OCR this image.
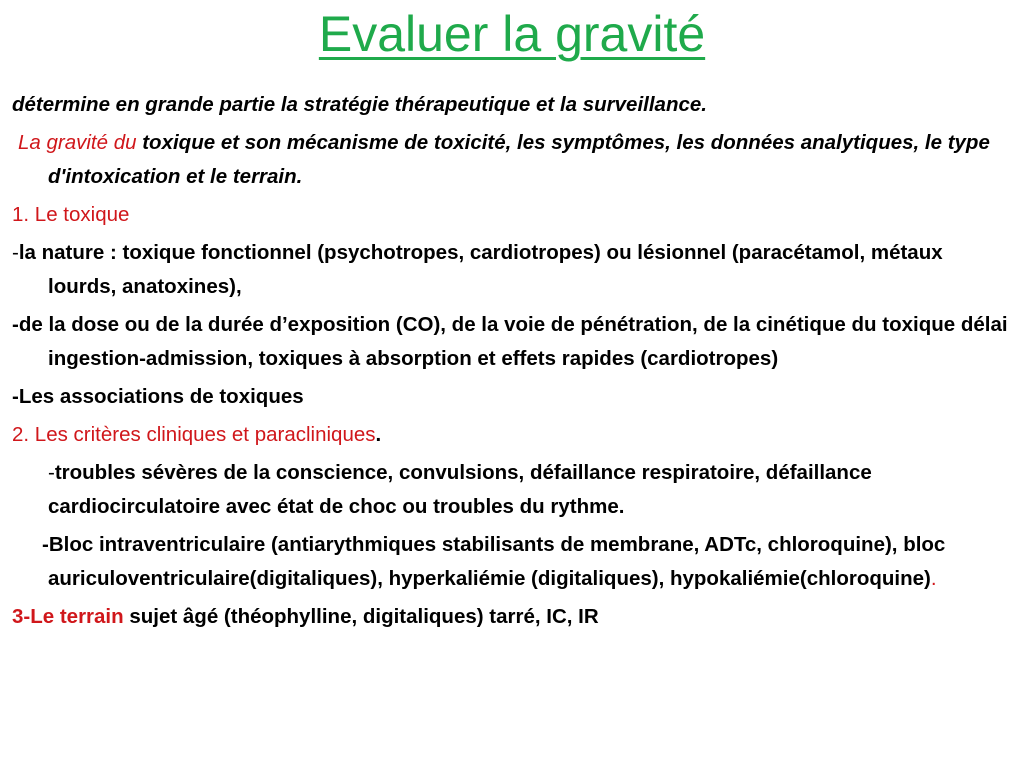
Evaluer la gravité

détermine en grande partie la stratégie thérapeutique et la surveillance.

La gravité du toxique et son mécanisme de toxicité, les symptômes, les données analytiques, le type d'intoxication et le terrain.

1. Le toxique

-la nature : toxique fonctionnel (psychotropes, cardiotropes) ou lésionnel (paracétamol, métaux lourds, anatoxines),

-de la dose ou de la durée d’exposition (CO), de la voie de pénétration, de la cinétique du toxique délai ingestion-admission, toxiques à absorption et effets rapides (cardiotropes)

-Les associations de toxiques

2. Les critères cliniques et paracliniques.

-troubles sévères de la conscience, convulsions, défaillance respiratoire, défaillance cardiocirculatoire avec état de choc ou troubles du rythme.

-Bloc intraventriculaire (antiarythmiques stabilisants de membrane, ADTc, chloroquine), bloc auriculoventriculaire(digitaliques), hyperkaliémie (digitaliques), hypokaliémie(chloroquine).

3-Le terrain sujet âgé (théophylline, digitaliques) tarré, IC, IR
